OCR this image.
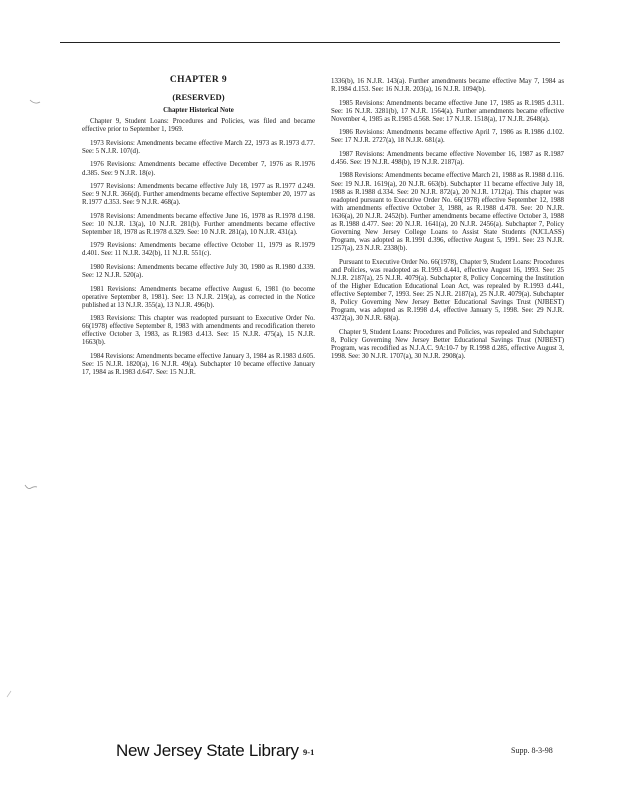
CHAPTER 9
(RESERVED)
Chapter Historical Note

Chapter 9, Student Loans: Procedures and Policies, was filed and became effective prior to September 1, 1969.

1973 Revisions: Amendments became effective March 22, 1973 as R.1973 d.77. See: 5 N.J.R. 107(d).

1976 Revisions: Amendments became effective December 7, 1976 as R.1976 d.385. See: 9 N.J.R. 18(e).

1977 Revisions: Amendments became effective July 18, 1977 as R.1977 d.249. See: 9 N.J.R. 366(d). Further amendments became effective September 20, 1977 as R.1977 d.353. See: 9 N.J.R. 468(a).

1978 Revisions: Amendments became effective June 16, 1978 as R.1978 d.198. See: 10 N.J.R. 13(a), 10 N.J.R. 281(b). Further amendments became effective September 18, 1978 as R.1978 d.329. See: 10 N.J.R. 281(a), 10 N.J.R. 431(a).

1979 Revisions: Amendments became effective October 11, 1979 as R.1979 d.401. See: 11 N.J.R. 342(b), 11 N.J.R. 551(c).

1980 Revisions: Amendments became effective July 30, 1980 as R.1980 d.339. See: 12 N.J.R. 520(a).

1981 Revisions: Amendments became effective August 6, 1981 (to become operative September 8, 1981). See: 13 N.J.R. 219(a), as corrected in the Notice published at 13 N.J.R. 355(a), 13 N.J.R. 496(b).

1983 Revisions: This chapter was readopted pursuant to Executive Order No. 66(1978) effective September 8, 1983 with amendments and recodification thereto effective October 3, 1983, as R.1983 d.413. See: 15 N.J.R. 475(a), 15 N.J.R. 1663(b).

1984 Revisions: Amendments became effective January 3, 1984 as R.1983 d.605. See: 15 N.J.R. 1820(a), 16 N.J.R. 49(a). Subchapter 10 became effective January 17, 1984 as R.1983 d.647. See: 15 N.J.R.

1336(b), 16 N.J.R. 143(a). Further amendments became effective May 7, 1984 as R.1984 d.153. See: 16 N.J.R. 203(a), 16 N.J.R. 1094(b).

1985 Revisions: Amendments became effective June 17, 1985 as R.1985 d.311. See: 16 N.J.R. 3281(b), 17 N.J.R. 1564(a). Further amendments became effective November 4, 1985 as R.1985 d.568. See: 17 N.J.R. 1518(a), 17 N.J.R. 2648(a).

1986 Revisions: Amendments became effective April 7, 1986 as R.1986 d.102. See: 17 N.J.R. 2727(a), 18 N.J.R. 681(a).

1987 Revisions: Amendments became effective November 16, 1987 as R.1987 d.456. See: 19 N.J.R. 498(b), 19 N.J.R. 2187(a).

1988 Revisions: Amendments became effective March 21, 1988 as R.1988 d.116. See: 19 N.J.R. 1619(a), 20 N.J.R. 663(b). Subchapter 11 became effective July 18, 1988 as R.1988 d.334. See: 20 N.J.R. 872(a), 20 N.J.R. 1712(a). This chapter was readopted pursuant to Executive Order No. 66(1978) effective September 12, 1988 with amendments effective October 3, 1988, as R.1988 d.478. See: 20 N.J.R. 1636(a), 20 N.J.R. 2452(b). Further amendments became effective October 3, 1988 as R.1988 d.477. See: 20 N.J.R. 1641(a), 20 N.J.R. 2456(a). Subchapter 7, Policy Governing New Jersey College Loans to Assist State Students (NJCLASS) Program, was adopted as R.1991 d.396, effective August 5, 1991. See: 23 N.J.R. 1257(a), 23 N.J.R. 2338(b).

Pursuant to Executive Order No. 66(1978), Chapter 9, Student Loans: Procedures and Policies, was readopted as R.1993 d.441, effective August 16, 1993. See: 25 N.J.R. 2187(a), 25 N.J.R. 4079(a). Subchapter 8, Policy Concerning the Institution of the Higher Education Educational Loan Act, was repealed by R.1993 d.441, effective September 7, 1993. See: 25 N.J.R. 2187(a), 25 N.J.R. 4079(a). Subchapter 8, Policy Governing New Jersey Better Educational Savings Trust (NJBEST) Program, was adopted as R.1998 d.4, effective January 5, 1998. See: 29 N.J.R. 4372(a), 30 N.J.R. 68(a).

Chapter 9, Student Loans: Procedures and Policies, was repealed and Subchapter 8, Policy Governing New Jersey Better Educational Savings Trust (NJBEST) Program, was recodified as N.J.A.C. 9A:10-7 by R.1998 d.285, effective August 3, 1998. See: 30 N.J.R. 1707(a), 30 N.J.R. 2908(a).

New Jersey State Library 9-1	Supp. 8-3-98
